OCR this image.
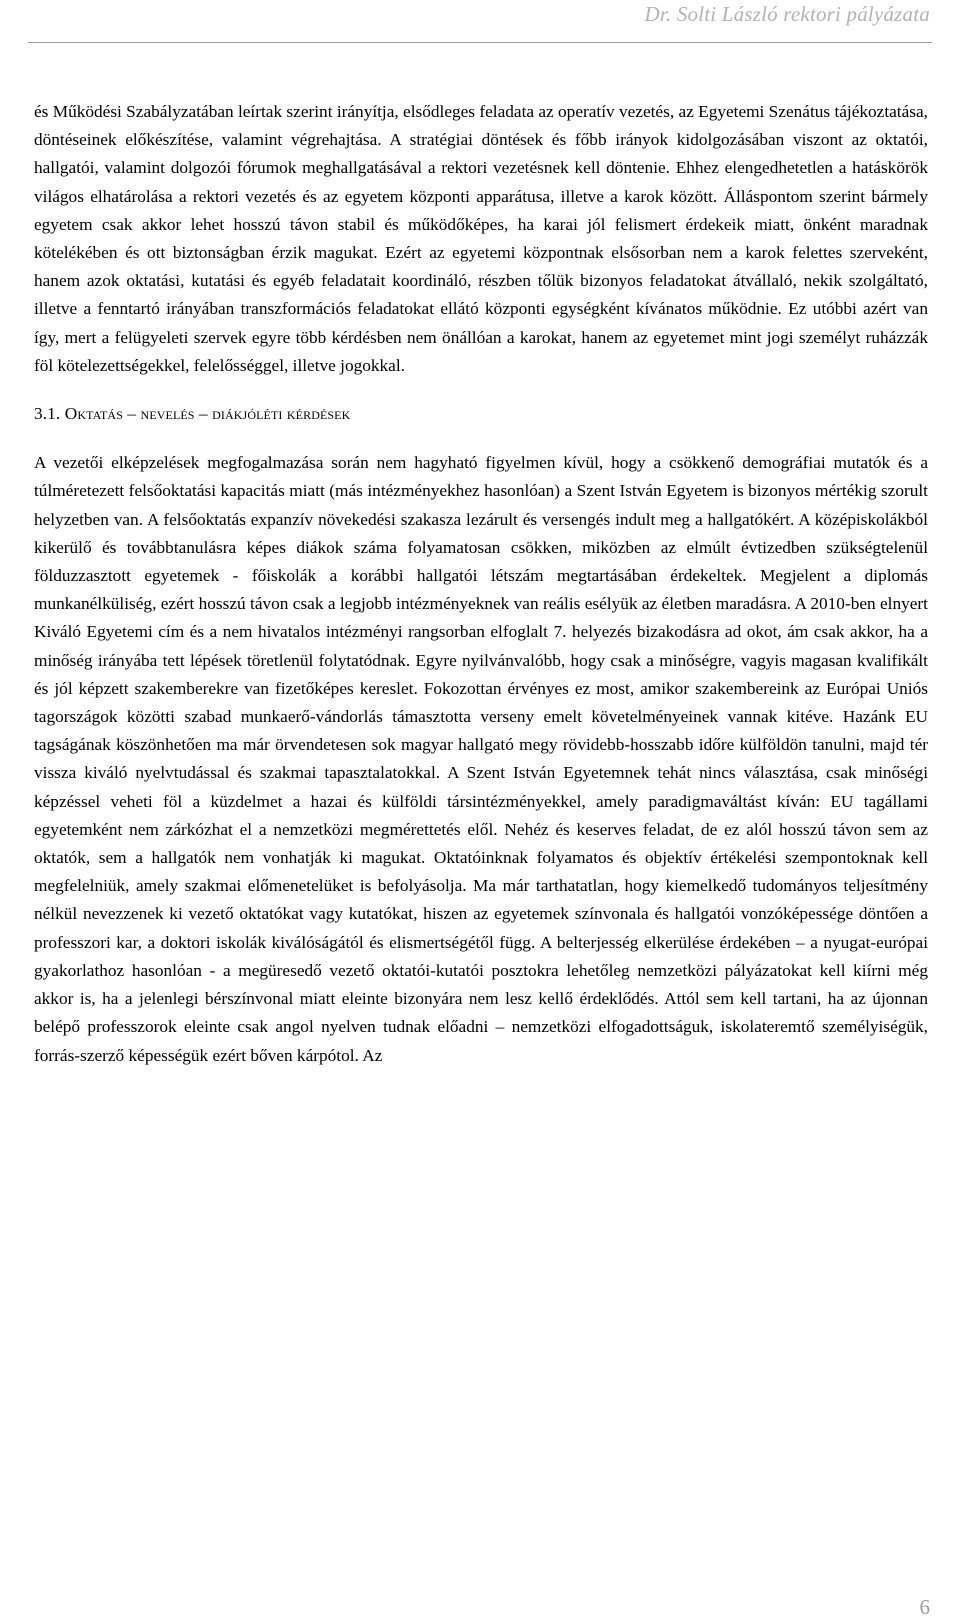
Dr. Solti László rektori pályázata

és Működési Szabályzatában leírtak szerint irányítja, elsődleges feladata az operatív vezetés, az Egyetemi Szenátus tájékoztatása, döntéseinek előkészítése, valamint végrehajtása. A stratégiai döntések és főbb irányok kidolgozásában viszont az oktatói, hallgatói, valamint dolgozói fórumok meghallgatásával a rektori vezetésnek kell döntenie. Ehhez elengedhetetlen a hatáskörök világos elhatárolása a rektori vezetés és az egyetem központi apparátusa, illetve a karok között. Álláspontom szerint bármely egyetem csak akkor lehet hosszú távon stabil és működőképes, ha karai jól felismert érdekeik miatt, önként maradnak kötelékében és ott biztonságban érzik magukat. Ezért az egyetemi központnak elsősorban nem a karok felettes szerveként, hanem azok oktatási, kutatási és egyéb feladatait koordináló, részben tőlük bizonyos feladatokat átvállaló, nekik szolgáltató, illetve a fenntartó irányában transzformációs feladatokat ellátó központi egységként kívánatos működnie. Ez utóbbi azért van így, mert a felügyeleti szervek egyre több kérdésben nem önállóan a karokat, hanem az egyetemet mint jogi személyt ruházzák föl kötelezettségekkel, felelősséggel, illetve jogokkal.

3.1. Oktatás – nevelés – diákjóléti kérdések

A vezetői elképzelések megfogalmazása során nem hagyható figyelmen kívül, hogy a csökkenő demográfiai mutatók és a túlméretezett felsőoktatási kapacitás miatt (más intézményekhez hasonlóan) a Szent István Egyetem is bizonyos mértékig szorult helyzetben van. A felsőoktatás expanzív növekedési szakasza lezárult és versengés indult meg a hallgatókért. A középiskolákból kikerülő és továbbtanulásra képes diákok száma folyamatosan csökken, miközben az elmúlt évtizedben szükségtelenül földuzzasztott egyetemek - főiskolák a korábbi hallgatói létszám megtartásában érdekeltek. Megjelent a diplomás munkanélküliség, ezért hosszú távon csak a legjobb intézményeknek van reális esélyük az életben maradásra. A 2010-ben elnyert Kiváló Egyetemi cím és a nem hivatalos intézményi rangsorban elfoglalt 7. helyezés bizakodásra ad okot, ám csak akkor, ha a minőség irányába tett lépések töretlenül folytatódnak. Egyre nyilvánvalóbb, hogy csak a minőségre, vagyis magasan kvalifikált és jól képzett szakemberekre van fizetőképes kereslet. Fokozottan érvényes ez most, amikor szakembereink az Európai Uniós tagországok közötti szabad munkaerő-vándorlás támasztotta verseny emelt követelményeinek vannak kitéve. Hazánk EU tagságának köszönhetően ma már örvendetesen sok magyar hallgató megy rövidebb-hosszabb időre külföldön tanulni, majd tér vissza kiváló nyelvtudással és szakmai tapasztalatokkal. A Szent István Egyetemnek tehát nincs választása, csak minőségi képzéssel veheti föl a küzdelmet a hazai és külföldi társintézményekkel, amely paradigmaváltást kíván: EU tagállami egyetemként nem zárkózhat el a nemzetközi megmérettetés elől. Nehéz és keserves feladat, de ez alól hosszú távon sem az oktatók, sem a hallgatók nem vonhatják ki magukat. Oktatóinknak folyamatos és objektív értékelési szempontoknak kell megfelelniük, amely szakmai előmenetelüket is befolyásolja. Ma már tarthatatlan, hogy kiemelkedő tudományos teljesítmény nélkül nevezzenek ki vezető oktatókat vagy kutatókat, hiszen az egyetemek színvonala és hallgatói vonzóképessége döntően a professzori kar, a doktori iskolák kiválóságától és elismertségétől függ. A belterjesség elkerülése érdekében – a nyugat-európai gyakorlathoz hasonlóan - a megüresedő vezető oktatói-kutatói posztokra lehetőleg nemzetközi pályázatokat kell kiírni még akkor is, ha a jelenlegi bérszínvonal miatt eleinte bizonyára nem lesz kellő érdeklődés. Attól sem kell tartani, ha az újonnan belépő professzorok eleinte csak angol nyelven tudnak előadni – nemzetközi elfogadottságuk, iskolateremtő személyiségük, forrás-szerző képességük ezért bőven kárpótol. Az

6
